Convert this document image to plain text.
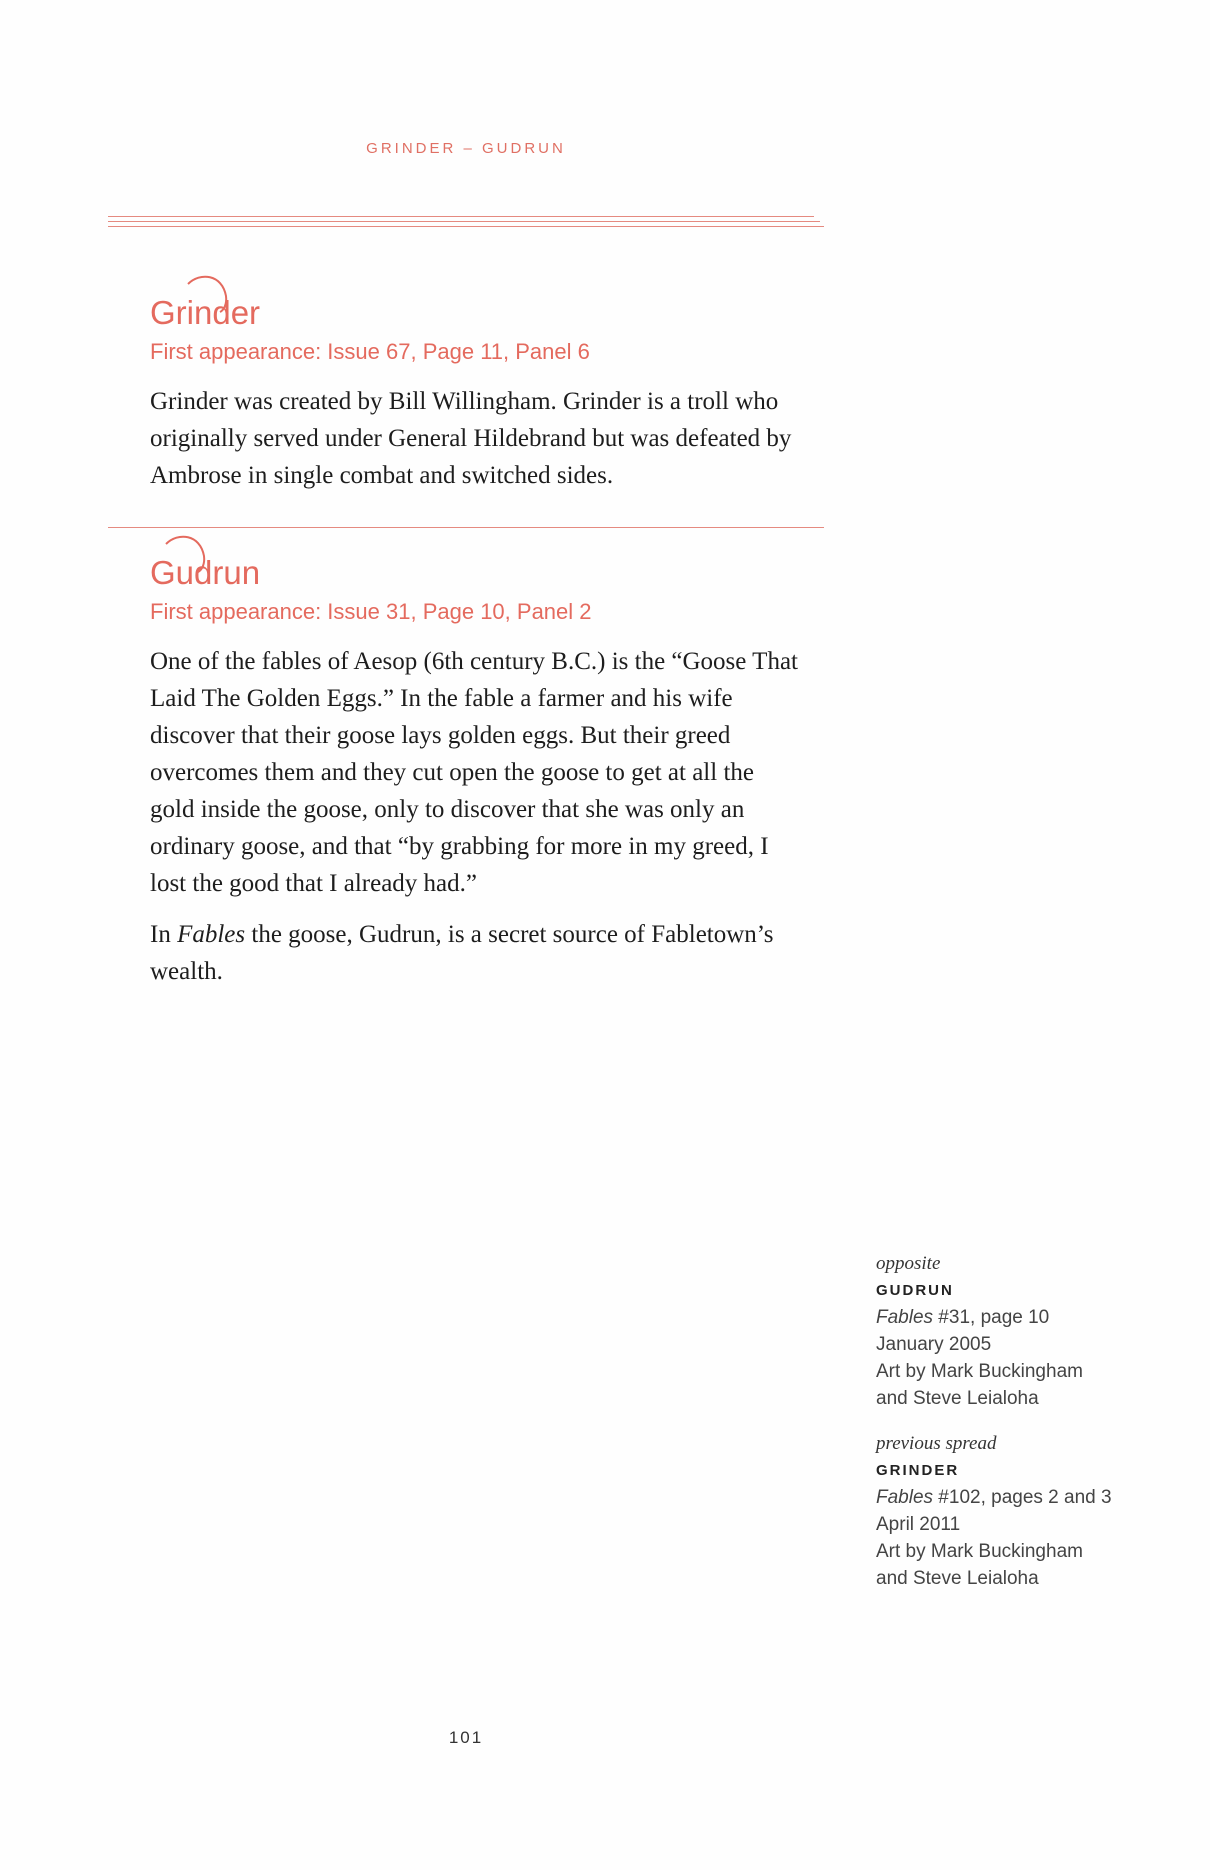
GRINDER – GUDRUN
Grinder
First appearance: Issue 67, Page 11, Panel 6

Grinder was created by Bill Willingham. Grinder is a troll who originally served under General Hildebrand but was defeated by Ambrose in single combat and switched sides.

Gudrun
First appearance: Issue 31, Page 10, Panel 2

One of the fables of Aesop (6th century B.C.) is the “Goose That Laid The Golden Eggs.” In the fable a farmer and his wife discover that their goose lays golden eggs. But their greed overcomes them and they cut open the goose to get at all the gold inside the goose, only to discover that she was only an ordinary goose, and that “by grabbing for more in my greed, I lost the good that I already had.”

In Fables the goose, Gudrun, is a secret source of Fabletown’s wealth.

opposite
GUDRUN
Fables #31, page 10
January 2005
Art by Mark Buckingham
and Steve Leialoha
previous spread
GRINDER
Fables #102, pages 2 and 3
April 2011
Art by Mark Buckingham
and Steve Leialoha
101
